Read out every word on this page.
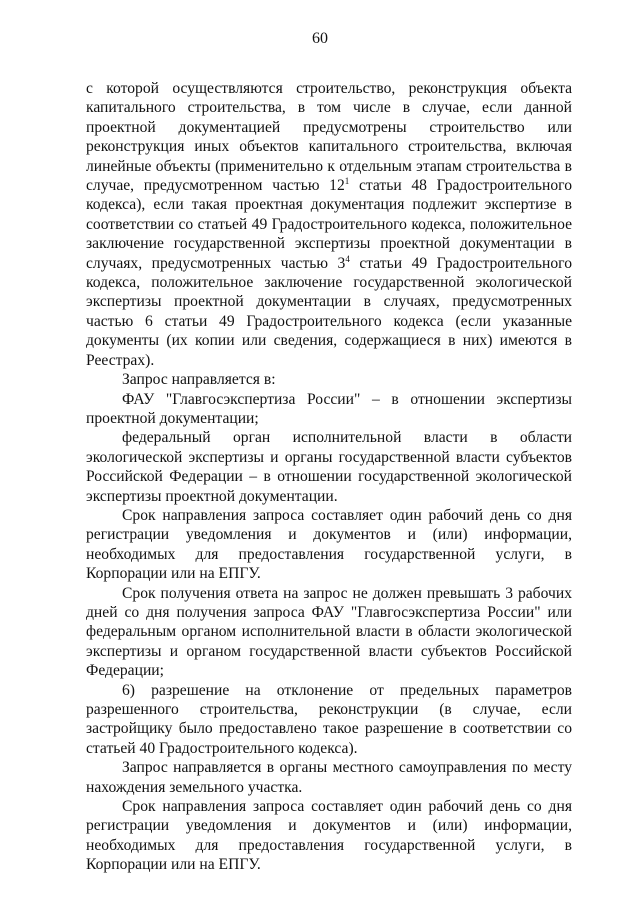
60

с которой осуществляются строительство, реконструкция объекта капитального строительства, в том числе в случае, если данной проектной документацией предусмотрены строительство или реконструкция иных объектов капитального строительства, включая линейные объекты (применительно к отдельным этапам строительства в случае, предусмотренном частью $12^1$ статьи 48 Градостроительного кодекса), если такая проектная документация подлежит экспертизе в соответствии со статьей 49 Градостроительного кодекса, положительное заключение государственной экспертизы проектной документации в случаях, предусмотренных частью $3^4$ статьи 49 Градостроительного кодекса, положительное заключение государственной экологической экспертизы проектной документации в случаях, предусмотренных частью 6 статьи 49 Градостроительного кодекса (если указанные документы (их копии или сведения, содержащиеся в них) имеются в Реестрах).

Запрос направляется в:

ФАУ "Главгосэкспертиза России" – в отношении экспертизы проектной документации;

федеральный орган исполнительной власти в области экологической экспертизы и органы государственной власти субъектов Российской Федерации – в отношении государственной экологической экспертизы проектной документации.

Срок направления запроса составляет один рабочий день со дня регистрации уведомления и документов и (или) информации, необходимых для предоставления государственной услуги, в Корпорации или на ЕПГУ.

Срок получения ответа на запрос не должен превышать 3 рабочих дней со дня получения запроса ФАУ "Главгосэкспертиза России" или федеральным органом исполнительной власти в области экологической экспертизы и органом государственной власти субъектов Российской Федерации;

6) разрешение на отклонение от предельных параметров разрешенного строительства, реконструкции (в случае, если застройщику было предоставлено такое разрешение в соответствии со статьей 40 Градостроительного кодекса).

Запрос направляется в органы местного самоуправления по месту нахождения земельного участка.

Срок направления запроса составляет один рабочий день со дня регистрации уведомления и документов и (или) информации, необходимых для предоставления государственной услуги, в Корпорации или на ЕПГУ.
